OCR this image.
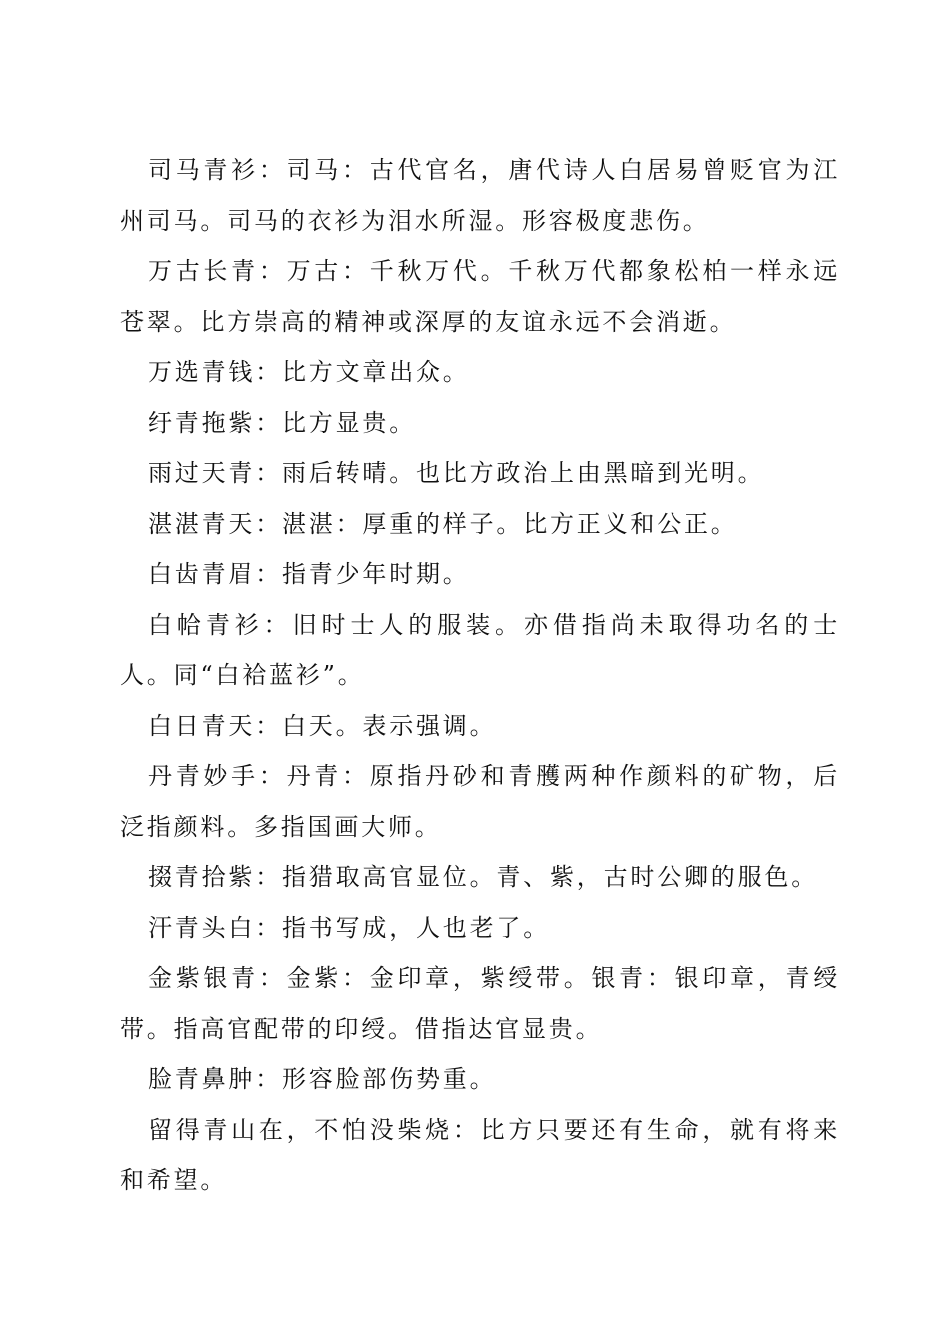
司马青衫：司马：古代官名，唐代诗人白居易曾贬官为江州司马。司马的衣衫为泪水所湿。形容极度悲伤。

万古长青：万古：千秋万代。千秋万代都象松柏一样永远苍翠。比方崇高的精神或深厚的友谊永远不会消逝。

万选青钱：比方文章出众。

纡青拖紫：比方显贵。

雨过天青：雨后转晴。也比方政治上由黑暗到光明。

湛湛青天：湛湛：厚重的样子。比方正义和公正。

白齿青眉：指青少年时期。

白帢青衫：旧时士人的服装。亦借指尚未取得功名的士人。同“白袷蓝衫”。

白日青天：白天。表示强调。

丹青妙手：丹青：原指丹砂和青雘两种作颜料的矿物，后泛指颜料。多指国画大师。

掇青拾紫：指猎取高官显位。青、紫，古时公卿的服色。

汗青头白：指书写成，人也老了。

金紫银青：金紫：金印章，紫绶带。银青：银印章，青绶带。指高官配带的印绶。借指达官显贵。

脸青鼻肿：形容脸部伤势重。

留得青山在，不怕没柴烧：比方只要还有生命，就有将来和希望。
